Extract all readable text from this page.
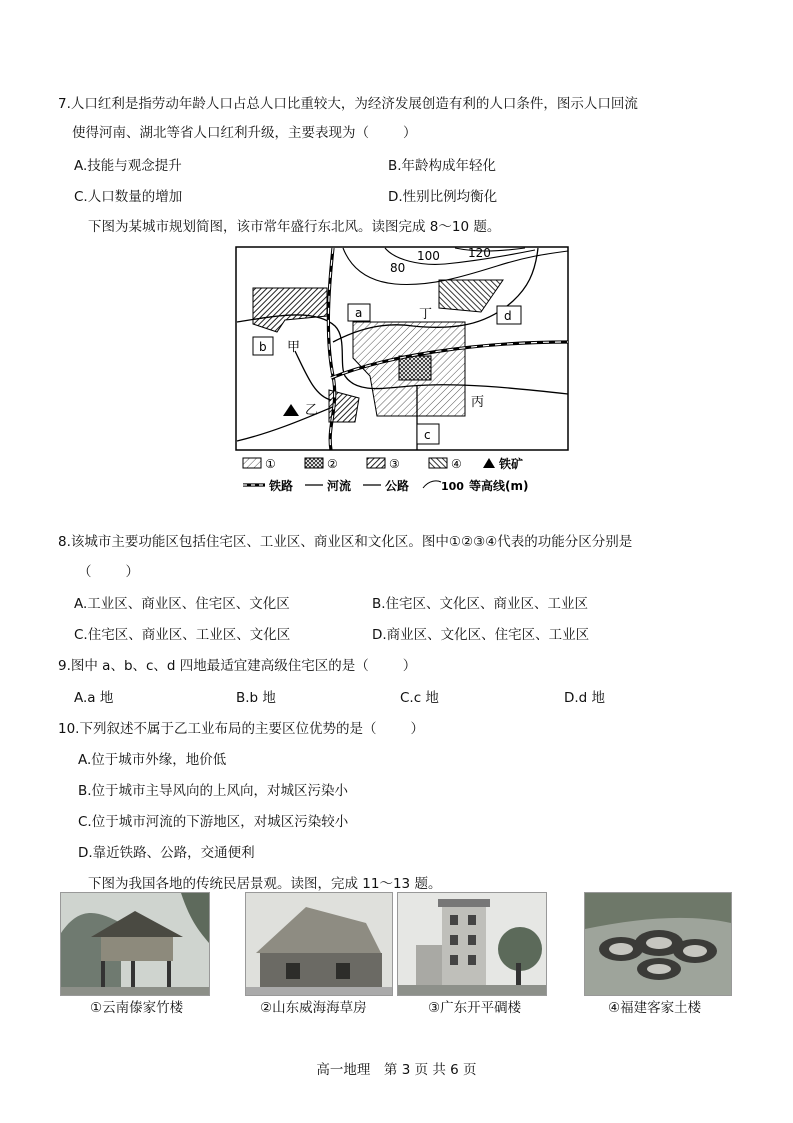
7.人口红利是指劳动年龄人口占总人口比重较大，为经济发展创造有利的人口条件，图示人口回流
使得河南、湖北等省人口红利升级，主要表现为（	）
A.技能与观念提升	B.年龄构成年轻化
C.人口数量的增加	D.性别比例均衡化
下图为某城市规划简图，该市常年盛行东北风。读图完成 8～10 题。
80
100 120
a
b
c
d
甲
乙
丙
丁
①	②	③	④	铁矿
铁路	河流	公路	100 等高线(m)
8.该城市主要功能区包括住宅区、工业区、商业区和文化区。图中①②③④代表的功能分区分别是
（	）
A.工业区、商业区、住宅区、文化区	B.住宅区、文化区、商业区、工业区
C.住宅区、商业区、工业区、文化区	D.商业区、文化区、住宅区、工业区
9.图中 a、b、c、d 四地最适宜建高级住宅区的是（	）
A.a 地	B.b 地	C.c 地	D.d 地
10.下列叙述不属于乙工业布局的主要区位优势的是（	）
A.位于城市外缘，地价低
B.位于城市主导风向的上风向，对城区污染小
C.位于城市河流的下游地区，对城区污染较小
D.靠近铁路、公路，交通便利
下图为我国各地的传统民居景观。读图，完成 11～13 题。
①云南傣家竹楼	②山东威海海草房	③广东开平碉楼	④福建客家土楼
高一地理　第 3 页 共 6 页
